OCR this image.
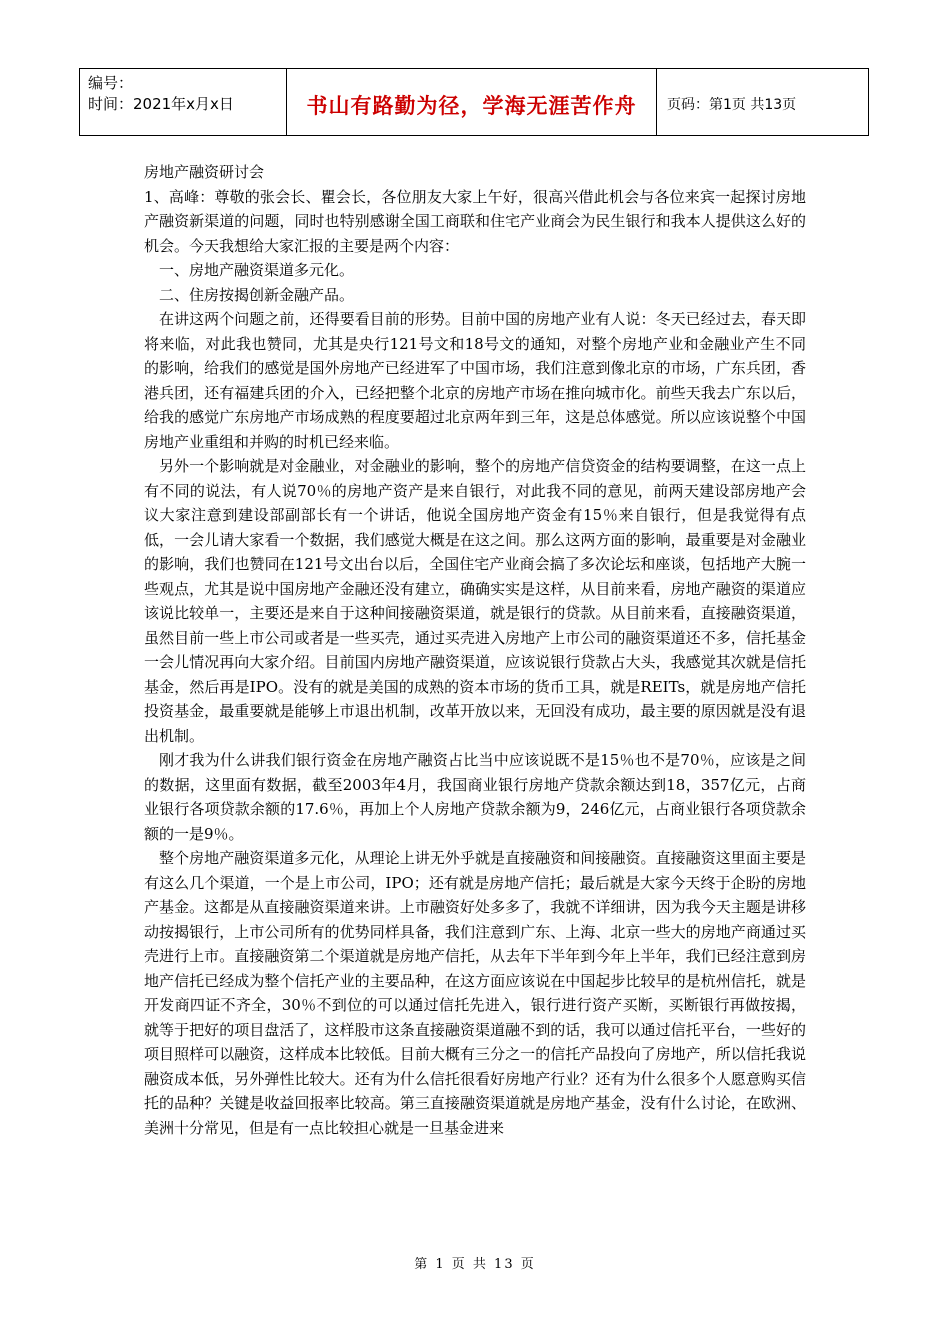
编号：
时间：2021年x月x日	书山有路勤为径，学海无涯苦作舟	页码：第1页 共13页

房地产融资研讨会

1、高峰：尊敬的张会长、瞿会长，各位朋友大家上午好，很高兴借此机会与各位来宾一起探讨房地产融资新渠道的问题，同时也特别感谢全国工商联和住宅产业商会为民生银行和我本人提供这么好的机会。今天我想给大家汇报的主要是两个内容：

一、房地产融资渠道多元化。

二、住房按揭创新金融产品。

在讲这两个问题之前，还得要看目前的形势。目前中国的房地产业有人说：冬天已经过去，春天即将来临，对此我也赞同，尤其是央行121号文和18号文的通知，对整个房地产业和金融业产生不同的影响，给我们的感觉是国外房地产已经进军了中国市场，我们注意到像北京的市场，广东兵团，香港兵团，还有福建兵团的介入，已经把整个北京的房地产市场在推向城市化。前些天我去广东以后，给我的感觉广东房地产市场成熟的程度要超过北京两年到三年，这是总体感觉。所以应该说整个中国房地产业重组和并购的时机已经来临。

另外一个影响就是对金融业，对金融业的影响，整个的房地产信贷资金的结构要调整，在这一点上有不同的说法，有人说70％的房地产资产是来自银行，对此我不同的意见，前两天建设部房地产会议大家注意到建设部副部长有一个讲话，他说全国房地产资金有15％来自银行，但是我觉得有点低，一会儿请大家看一个数据，我们感觉大概是在这之间。那么这两方面的影响，最重要是对金融业的影响，我们也赞同在121号文出台以后，全国住宅产业商会搞了多次论坛和座谈，包括地产大腕一些观点，尤其是说中国房地产金融还没有建立，确确实实是这样，从目前来看，房地产融资的渠道应该说比较单一，主要还是来自于这种间接融资渠道，就是银行的贷款。从目前来看，直接融资渠道，虽然目前一些上市公司或者是一些买壳，通过买壳进入房地产上市公司的融资渠道还不多，信托基金一会儿情况再向大家介绍。目前国内房地产融资渠道，应该说银行贷款占大头，我感觉其次就是信托基金，然后再是IPO。没有的就是美国的成熟的资本市场的货币工具，就是REITs，就是房地产信托投资基金，最重要就是能够上市退出机制，改革开放以来，无回没有成功，最主要的原因就是没有退出机制。

刚才我为什么讲我们银行资金在房地产融资占比当中应该说既不是15％也不是70％，应该是之间的数据，这里面有数据，截至2003年4月，我国商业银行房地产贷款余额达到18，357亿元，占商业银行各项贷款余额的17.6％，再加上个人房地产贷款余额为9，246亿元，占商业银行各项贷款余额的一是9％。

整个房地产融资渠道多元化，从理论上讲无外乎就是直接融资和间接融资。直接融资这里面主要是有这么几个渠道，一个是上市公司，IPO；还有就是房地产信托；最后就是大家今天终于企盼的房地产基金。这都是从直接融资渠道来讲。上市融资好处多多了，我就不详细讲，因为我今天主题是讲移动按揭银行，上市公司所有的优势同样具备，我们注意到广东、上海、北京一些大的房地产商通过买壳进行上市。直接融资第二个渠道就是房地产信托，从去年下半年到今年上半年，我们已经注意到房地产信托已经成为整个信托产业的主要品种，在这方面应该说在中国起步比较早的是杭州信托，就是开发商四证不齐全，30％不到位的可以通过信托先进入，银行进行资产买断，买断银行再做按揭，就等于把好的项目盘活了，这样股市这条直接融资渠道融不到的话，我可以通过信托平台，一些好的项目照样可以融资，这样成本比较低。目前大概有三分之一的信托产品投向了房地产，所以信托我说融资成本低，另外弹性比较大。还有为什么信托很看好房地产行业？还有为什么很多个人愿意购买信托的品种？关键是收益回报率比较高。第三直接融资渠道就是房地产基金，没有什么讨论，在欧洲、美洲十分常见，但是有一点比较担心就是一旦基金进来

第 1 页 共 13 页
